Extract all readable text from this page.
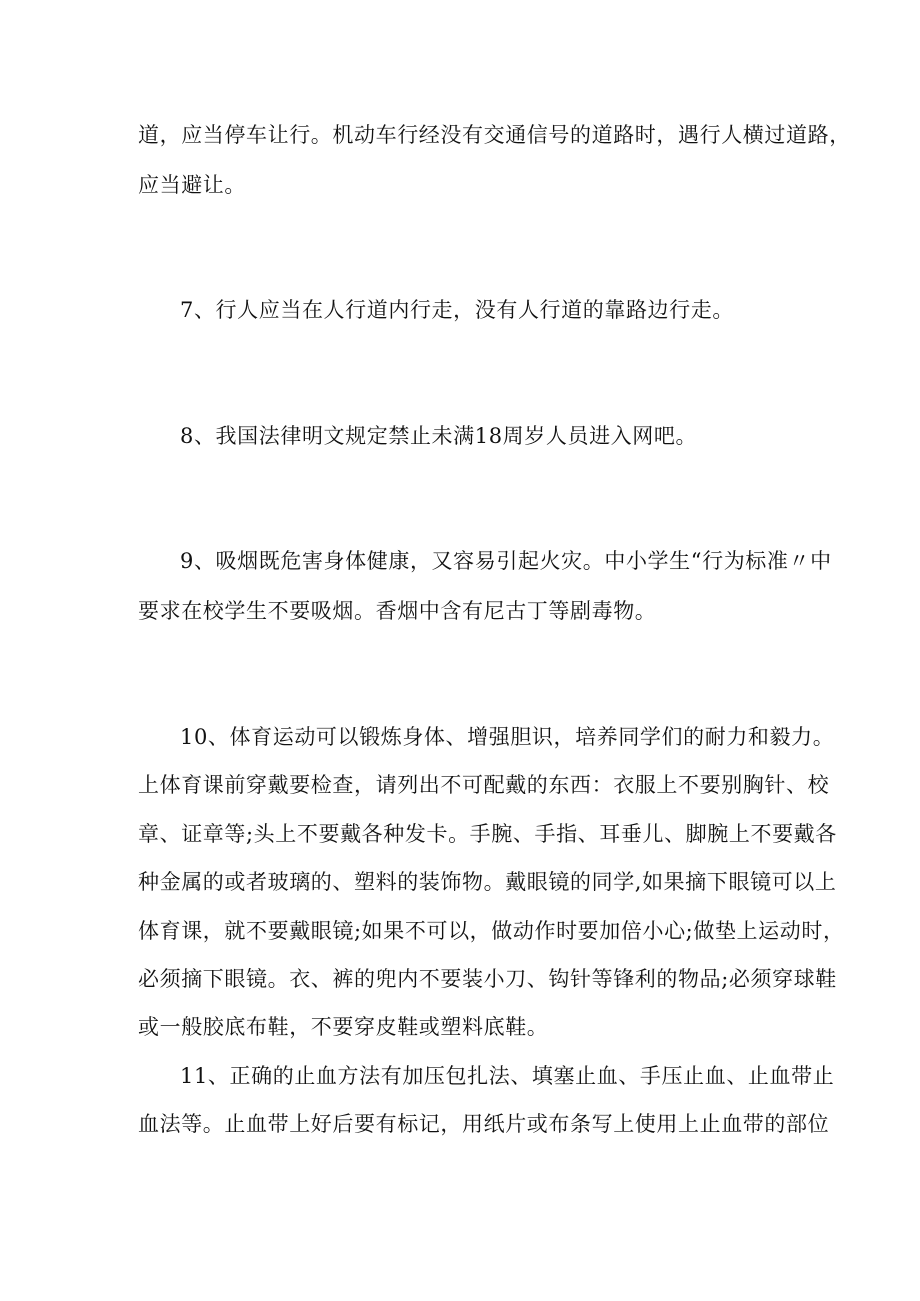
道，应当停车让行。机动车行经没有交通信号的道路时，遇行人横过道路，
应当避让。
7、行人应当在人行道内行走，没有人行道的靠路边行走。
8、我国法律明文规定禁止未满18周岁人员进入网吧。
9、吸烟既危害身体健康，又容易引起火灾。中小学生“行为标准〃中
要求在校学生不要吸烟。香烟中含有尼古丁等剧毒物。
10、体育运动可以锻炼身体、增强胆识，培养同学们的耐力和毅力。
上体育课前穿戴要检查，请列出不可配戴的东西：衣服上不要别胸针、校
章、证章等;头上不要戴各种发卡。手腕、手指、耳垂儿、脚腕上不要戴各
种金属的或者玻璃的、塑料的装饰物。戴眼镜的同学,如果摘下眼镜可以上
体育课，就不要戴眼镜;如果不可以，做动作时要加倍小心;做垫上运动时，
必须摘下眼镜。衣、裤的兜内不要装小刀、钩针等锋利的物品;必须穿球鞋
或一般胶底布鞋，不要穿皮鞋或塑料底鞋。
11、正确的止血方法有加压包扎法、填塞止血、手压止血、止血带止
血法等。止血带上好后要有标记，用纸片或布条写上使用上止血带的部位
